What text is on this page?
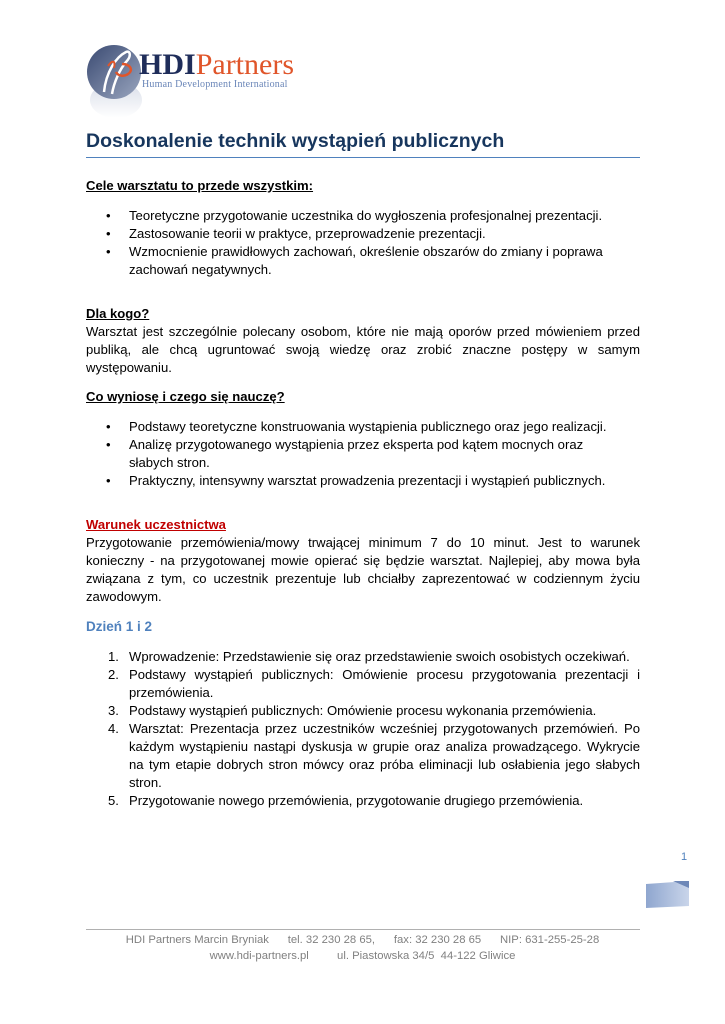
HDIPartners
Human Development International
Doskonalenie technik wystąpień publicznych

Cele warsztatu to przede wszystkim:

• Teoretyczne przygotowanie uczestnika do wygłoszenia profesjonalnej prezentacji.
• Zastosowanie teorii w praktyce, przeprowadzenie prezentacji.
• Wzmocnienie prawidłowych zachowań, określenie obszarów do zmiany i poprawa zachowań negatywnych.

Dla kogo?

Warsztat jest szczególnie polecany osobom, które nie mają oporów przed mówieniem przed publiką, ale chcą ugruntować swoją wiedzę oraz zrobić znaczne postępy w samym występowaniu.

Co wyniosę i czego się nauczę?

• Podstawy teoretyczne konstruowania wystąpienia publicznego oraz jego realizacji.
• Analizę przygotowanego wystąpienia przez eksperta pod kątem mocnych oraz słabych stron.
• Praktyczny, intensywny warsztat prowadzenia prezentacji i wystąpień publicznych.

Warunek uczestnictwa

Przygotowanie przemówienia/mowy trwającej minimum 7 do 10 minut. Jest to warunek konieczny - na przygotowanej mowie opierać się będzie warsztat. Najlepiej, aby mowa była związana z tym, co uczestnik prezentuje lub chciałby zaprezentować w codziennym życiu zawodowym.

Dzień 1 i 2

1. Wprowadzenie: Przedstawienie się oraz przedstawienie swoich osobistych oczekiwań.
2. Podstawy wystąpień publicznych: Omówienie procesu przygotowania prezentacji i przemówienia.
3. Podstawy wystąpień publicznych: Omówienie procesu wykonania przemówienia.
4. Warsztat: Prezentacja przez uczestników wcześniej przygotowanych przemówień. Po każdym wystąpieniu nastąpi dyskusja w grupie oraz analiza prowadzącego. Wykrycie na tym etapie dobrych stron mówcy oraz próba eliminacji lub osłabienia jego słabych stron.
5. Przygotowanie nowego przemówienia, przygotowanie drugiego przemówienia.
1
HDI Partners Marcin Bryniak      tel. 32 230 28 65,      fax: 32 230 28 65      NIP: 631-255-25-28
www.hdi-partners.pl         ul. Piastowska 34/5  44-122 Gliwice
